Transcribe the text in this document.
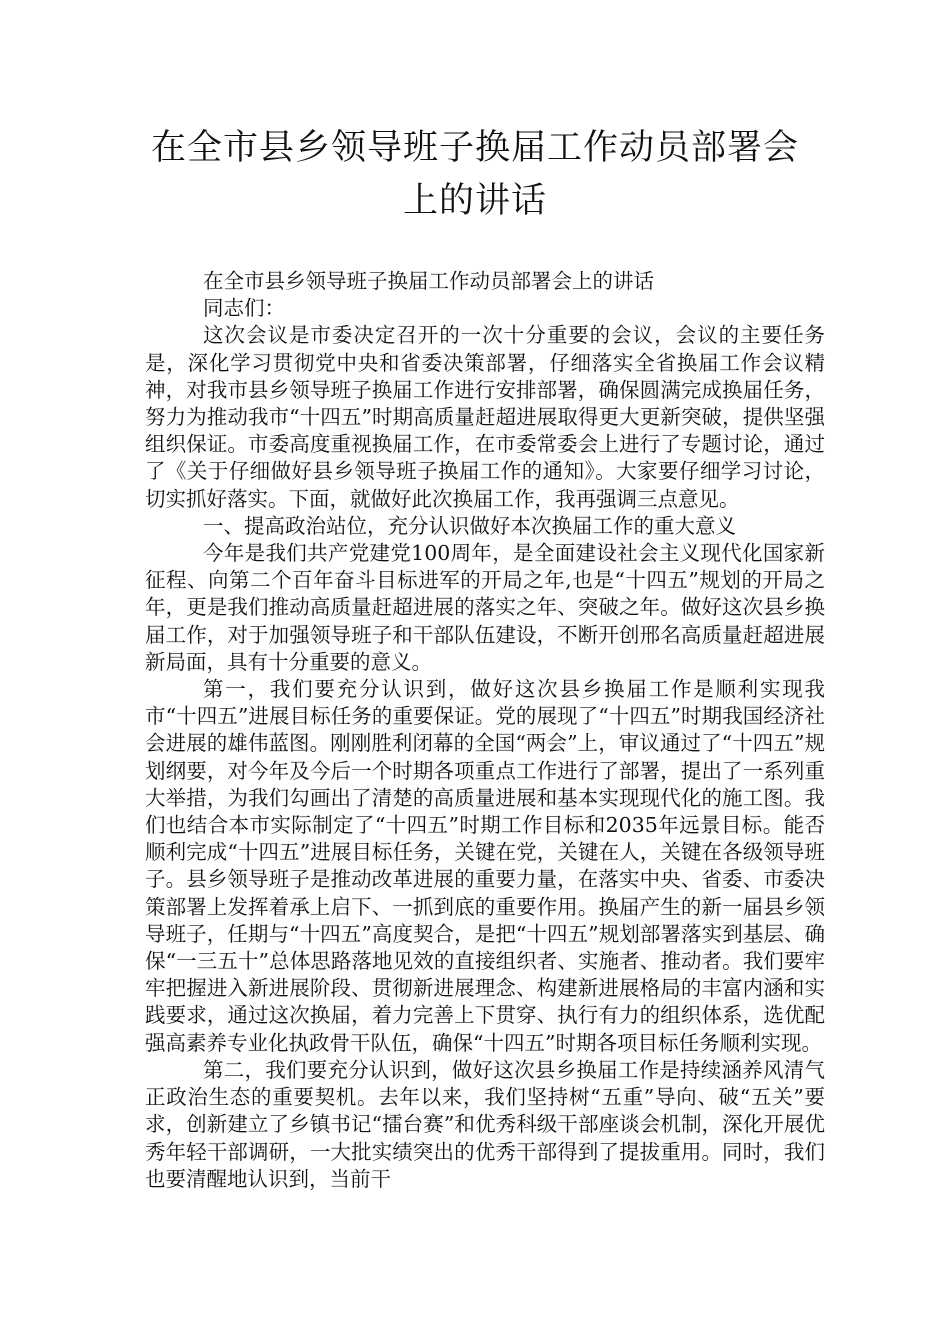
在全市县乡领导班子换届工作动员部署会上的讲话

在全市县乡领导班子换届工作动员部署会上的讲话

同志们：

这次会议是市委决定召开的一次十分重要的会议，会议的主要任务是，深化学习贯彻党中央和省委决策部署，仔细落实全省换届工作会议精神，对我市县乡领导班子换届工作进行安排部署，确保圆满完成换届任务，努力为推动我市“十四五”时期高质量赶超进展取得更大更新突破，提供坚强组织保证。市委高度重视换届工作，在市委常委会上进行了专题讨论，通过了《关于仔细做好县乡领导班子换届工作的通知》。大家要仔细学习讨论，切实抓好落实。下面，就做好此次换届工作，我再强调三点意见。

一、提高政治站位，充分认识做好本次换届工作的重大意义

今年是我们共产党建党100周年，是全面建设社会主义现代化国家新征程、向第二个百年奋斗目标进军的开局之年,也是“十四五”规划的开局之年，更是我们推动高质量赶超进展的落实之年、突破之年。做好这次县乡换届工作，对于加强领导班子和干部队伍建设，不断开创邢名高质量赶超进展新局面，具有十分重要的意义。

第一，我们要充分认识到，做好这次县乡换届工作是顺利实现我市“十四五”进展目标任务的重要保证。党的展现了“十四五”时期我国经济社会进展的雄伟蓝图。刚刚胜利闭幕的全国“两会”上，审议通过了“十四五”规划纲要，对今年及今后一个时期各项重点工作进行了部署，提出了一系列重大举措，为我们勾画出了清楚的高质量进展和基本实现现代化的施工图。我们也结合本市实际制定了“十四五”时期工作目标和2035年远景目标。能否顺利完成“十四五”进展目标任务，关键在党，关键在人，关键在各级领导班子。县乡领导班子是推动改革进展的重要力量，在落实中央、省委、市委决策部署上发挥着承上启下、一抓到底的重要作用。换届产生的新一届县乡领导班子，任期与“十四五”高度契合，是把“十四五”规划部署落实到基层、确保“一三五十”总体思路落地见效的直接组织者、实施者、推动者。我们要牢牢把握进入新进展阶段、贯彻新进展理念、构建新进展格局的丰富内涵和实践要求，通过这次换届，着力完善上下贯穿、执行有力的组织体系，选优配强高素养专业化执政骨干队伍，确保“十四五”时期各项目标任务顺利实现。

第二，我们要充分认识到，做好这次县乡换届工作是持续涵养风清气正政治生态的重要契机。去年以来，我们坚持树“五重”导向、破“五关”要求，创新建立了乡镇书记“擂台赛”和优秀科级干部座谈会机制，深化开展优秀年轻干部调研，一大批实绩突出的优秀干部得到了提拔重用。同时，我们也要清醒地认识到，当前干
